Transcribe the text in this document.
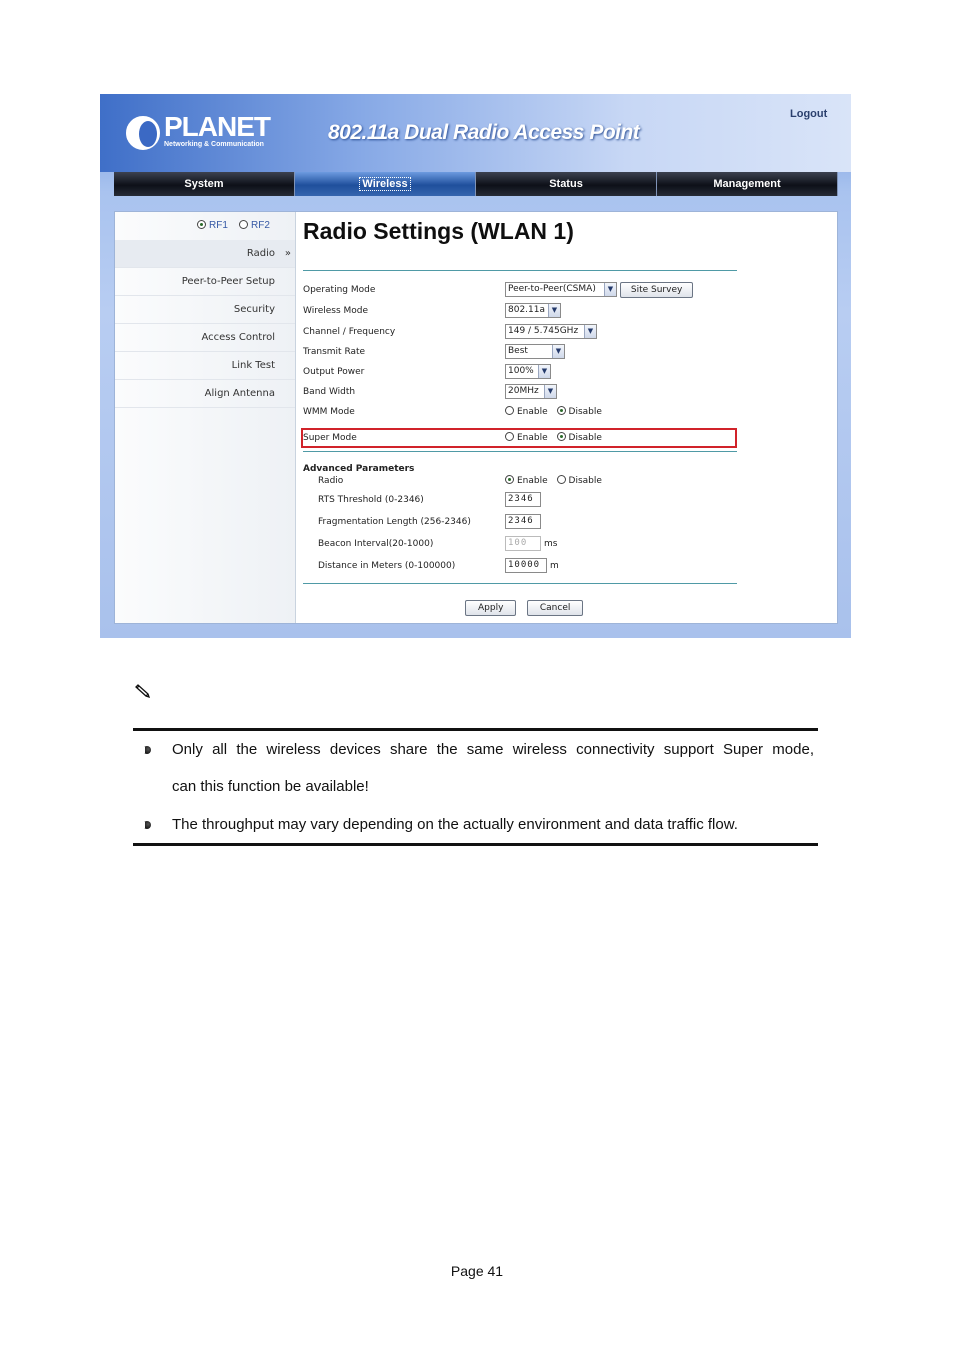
PLANET
Networking & Communication
802.11a Dual Radio Access Point
Logout
System	Wireless	Status	Management
RF1 RF2
Radio »
Peer-to-Peer Setup
Security
Access Control
Link Test
Align Antenna
Radio Settings (WLAN 1)
Operating Mode	Peer-to-Peer(CSMA)	▼	Site Survey
Wireless Mode	802.11a ▼
Channel / Frequency	149 / 5.745GHz	▼
Transmit Rate	Best	▼
Output Power	100%	▼
Band Width	20MHz	▼
WMM Mode	Enable Disable
Super Mode	Enable Disable
Advanced Parameters
Radio	Enable Disable
RTS Threshold (0-2346)	2346
Fragmentation Length (256-2346)	2346
Beacon Interval(20-1000)	100 ms
Distance in Meters (0-100000)	10000 m
Apply	Cancel
Only all the wireless devices share the same wireless connectivity support Super mode,
can this function be available!
The throughput may vary depending on the actually environment and data traffic flow.
Page 41
